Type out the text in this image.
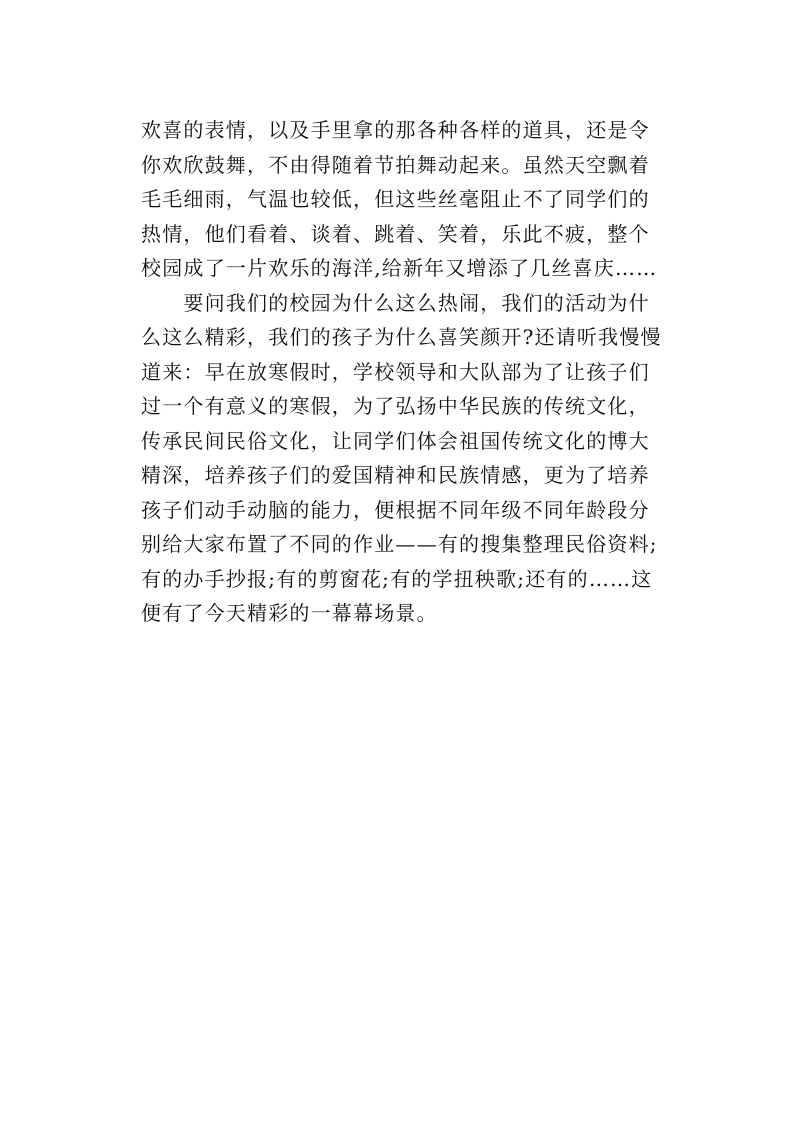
欢喜的表情，以及手里拿的那各种各样的道具，还是令
你欢欣鼓舞，不由得随着节拍舞动起来。虽然天空飘着
毛毛细雨，气温也较低，但这些丝毫阻止不了同学们的
热情，他们看着、谈着、跳着、笑着，乐此不疲，整个
校园成了一片欢乐的海洋,给新年又增添了几丝喜庆……
　　要问我们的校园为什么这么热闹，我们的活动为什
么这么精彩，我们的孩子为什么喜笑颜开?还请听我慢慢
道来：早在放寒假时，学校领导和大队部为了让孩子们
过一个有意义的寒假，为了弘扬中华民族的传统文化，
传承民间民俗文化，让同学们体会祖国传统文化的博大
精深，培养孩子们的爱国精神和民族情感，更为了培养
孩子们动手动脑的能力，便根据不同年级不同年龄段分
别给大家布置了不同的作业——有的搜集整理民俗资料;
有的办手抄报;有的剪窗花;有的学扭秧歌;还有的……这
便有了今天精彩的一幕幕场景。
